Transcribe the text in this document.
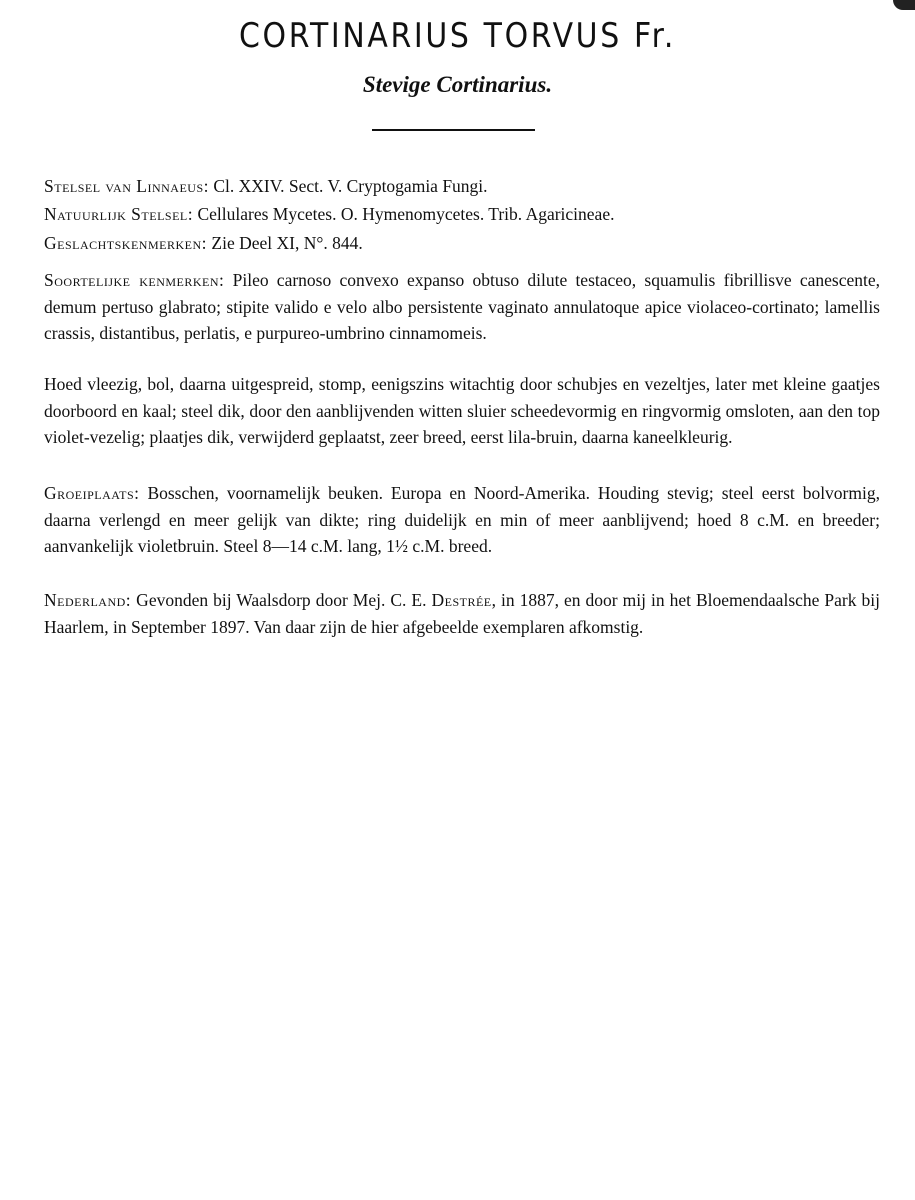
CORTINARIUS TORVUS Fr.
Stevige Cortinarius.

Stelsel van Linnaeus: Cl. XXIV. Sect. V. Cryptogamia Fungi.

Natuurlijk Stelsel: Cellulares Mycetes. O. Hymenomycetes. Trib. Agaricineae.

Geslachtskenmerken: Zie Deel XI, N°. 844.

Soortelijke kenmerken: Pileo carnoso convexo expanso obtuso dilute testaceo, squamulis fibrillisve canescente, demum pertuso glabrato; stipite valido e velo albo persistente vaginato annulatoque apice violaceo-cortinato; lamellis crassis, distantibus, perlatis, e purpureo-umbrino cinnamomeis.

Hoed vleezig, bol, daarna uitgespreid, stomp, eenigszins witachtig door schubjes en vezeltjes, later met kleine gaatjes doorboord en kaal; steel dik, door den aanblijvenden witten sluier scheedevormig en ringvormig omsloten, aan den top violet-vezelig; plaatjes dik, verwijderd geplaatst, zeer breed, eerst lila-bruin, daarna kaneelkleurig.

Groeiplaats: Bosschen, voornamelijk beuken. Europa en Noord-Amerika. Houding stevig; steel eerst bolvormig, daarna verlengd en meer gelijk van dikte; ring duidelijk en min of meer aanblijvend; hoed 8 c.M. en breeder; aanvankelijk violetbruin. Steel 8—14 c.M. lang, 1½ c.M. breed.

Nederland: Gevonden bij Waalsdorp door Mej. C. E. Destrée, in 1887, en door mij in het Bloemendaalsche Park bij Haarlem, in September 1897. Van daar zijn de hier afgebeelde exemplaren afkomstig.
